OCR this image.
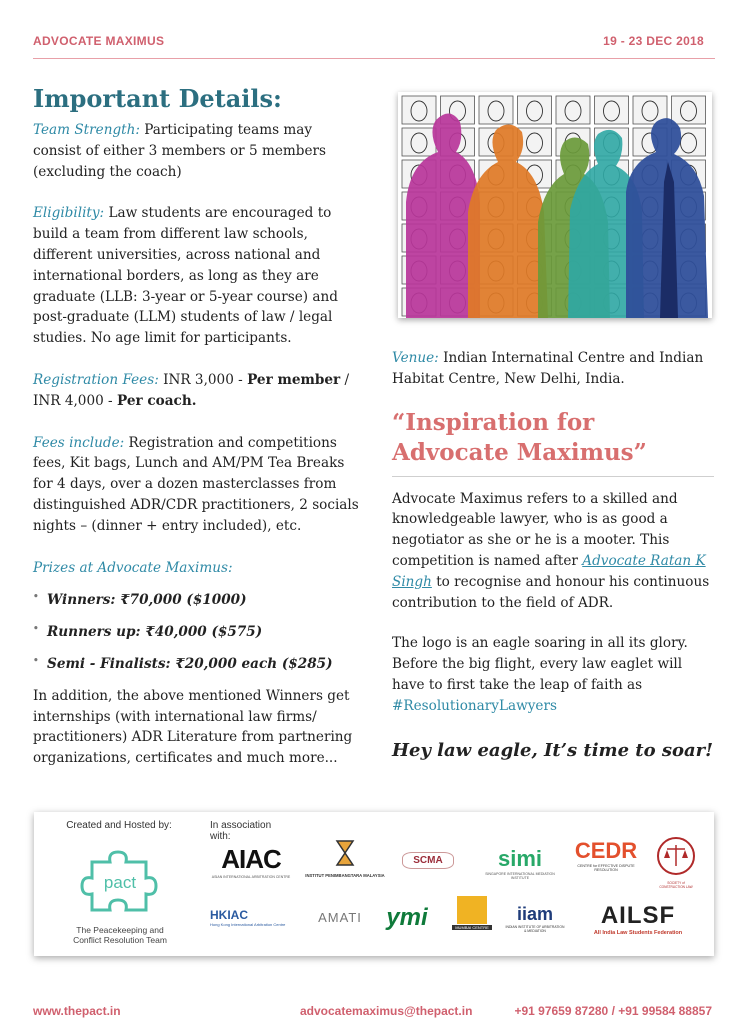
ADVOCATE MAXIMUS	19 - 23 DEC 2018
Important Details:

Team Strength: Participating teams may consist of either 3 members or 5 members (excluding the coach)

Eligibility: Law students are encouraged to build a team from different law schools, different universities, across national and international borders, as long as they are graduate (LLB: 3-year or 5-year course) and post-graduate (LLM) students of law / legal studies. No age limit for participants.

Registration Fees: INR 3,000 - Per member / INR 4,000 - Per coach.

Fees include: Registration and competitions fees, Kit bags, Lunch and AM/PM Tea Breaks for 4 days, over a dozen masterclasses from distinguished ADR/CDR practitioners, 2 socials nights – (dinner + entry included), etc.

Prizes at Advocate Maximus:
• Winners: ₹70,000 ($1000)
• Runners up: ₹40,000 ($575)
• Semi - Finalists: ₹20,000 each ($285)

In addition, the above mentioned Winners get internships (with international law firms/ practitioners) ADR Literature from partnering organizations, certificates and much more...

Venue: Indian Internatinal Centre and Indian Habitat Centre, New Delhi, India.

“Inspiration for Advocate Maximus”

Advocate Maximus refers to a skilled and knowledgeable lawyer, who is as good a negotiator as she or he is a mooter. This competition is named after Advocate Ratan K Singh to recognise and honour his continuous contribution to the field of ADR.

The logo is an eagle soaring in all its glory. Before the big flight, every law eaglet will have to first take the leap of faith as #ResolutionaryLawyers

Hey law eagle, It’s time to soar!
Created and Hosted by:	In association with:
pact
The Peacekeeping and Conflict Resolution Team
AIAC
ASIAN INTERNATIONAL ARBITRATION CENTRE	INSTITUT PENIMBANGTARA MALAYSIA
SCMA	simi
SINGAPORE INTERNATIONAL MEDIATION INSTITUTE
CEDR
CENTRE for EFFECTIVE DISPUTE RESOLUTION
SOCIETY of CONSTRUCTION LAW
HKIAC
Hong Kong International Arbitration Centre	AMATI ymi	MUMBAI CENTRE
iiam
INDIAN INSTITUTE OF ARBITRATION & MEDIATION
AILSF
All India Law Students Federation
www.thepact.in	advocatemaximus@thepact.in	+91 97659 87280 / +91 99584 88857
